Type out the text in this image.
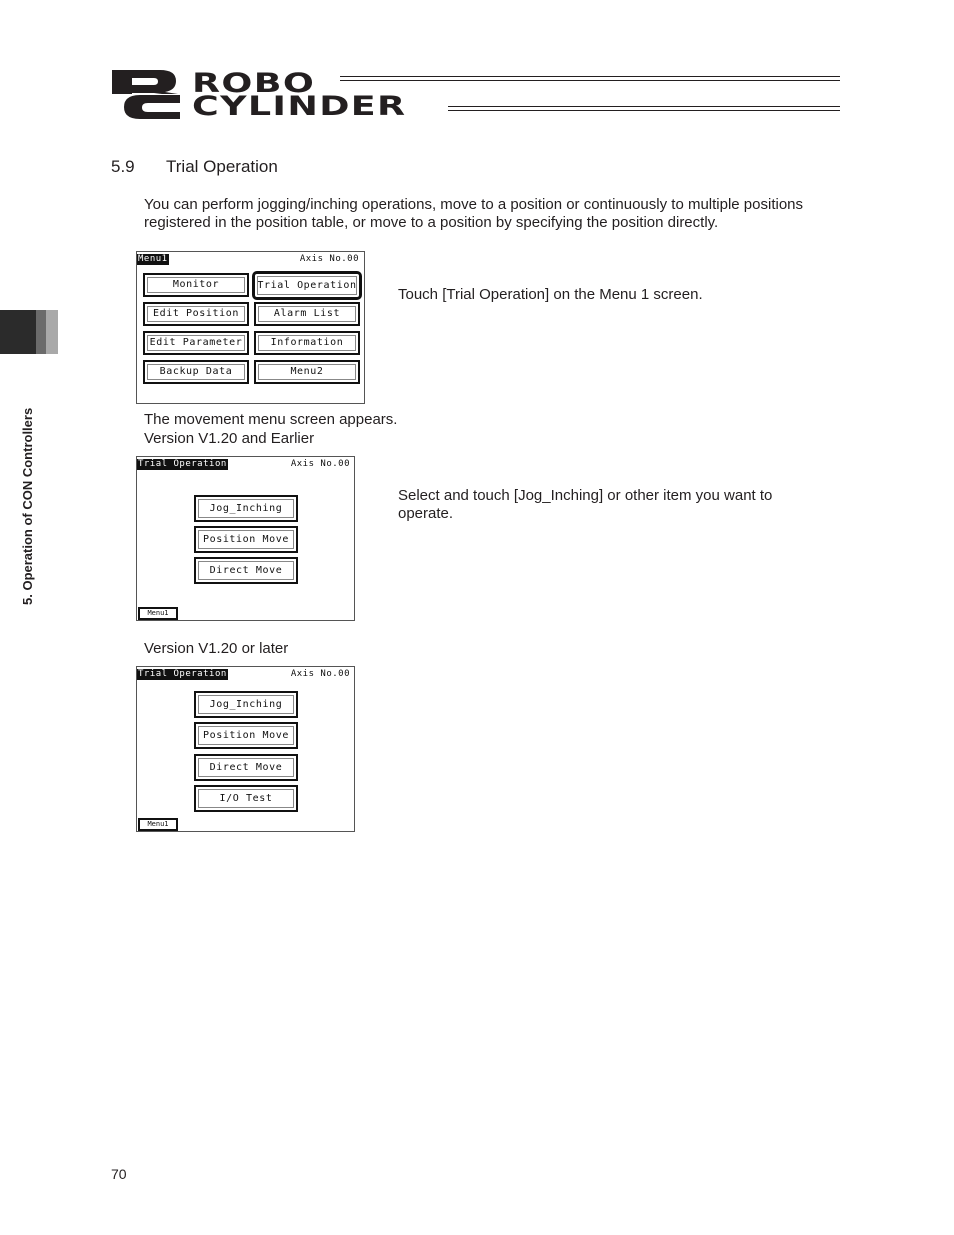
ROBO
CYLINDER
5. Operation of CON Controllers
5.9 Trial Operation
You can perform jogging/inching operations, move to a position or continuously to multiple positions
registered in the position table, or move to a position by specifying the position directly.
Menu1	Axis No.00
Monitor	Trial Operation
Edit Position	Alarm List
Edit Parameter	Information
Backup Data	Menu2
Touch [Trial Operation] on the Menu 1 screen.
The movement menu screen appears.
Version V1.20 and Earlier
Trial Operation	Axis No.00
Jog_Inching
Position Move
Direct Move
Menu1
Select and touch [Jog_Inching] or other item you want to
operate.
Version V1.20 or later
Trial Operation	Axis No.00
Jog_Inching
Position Move
Direct Move
I/O Test
Menu1
70
